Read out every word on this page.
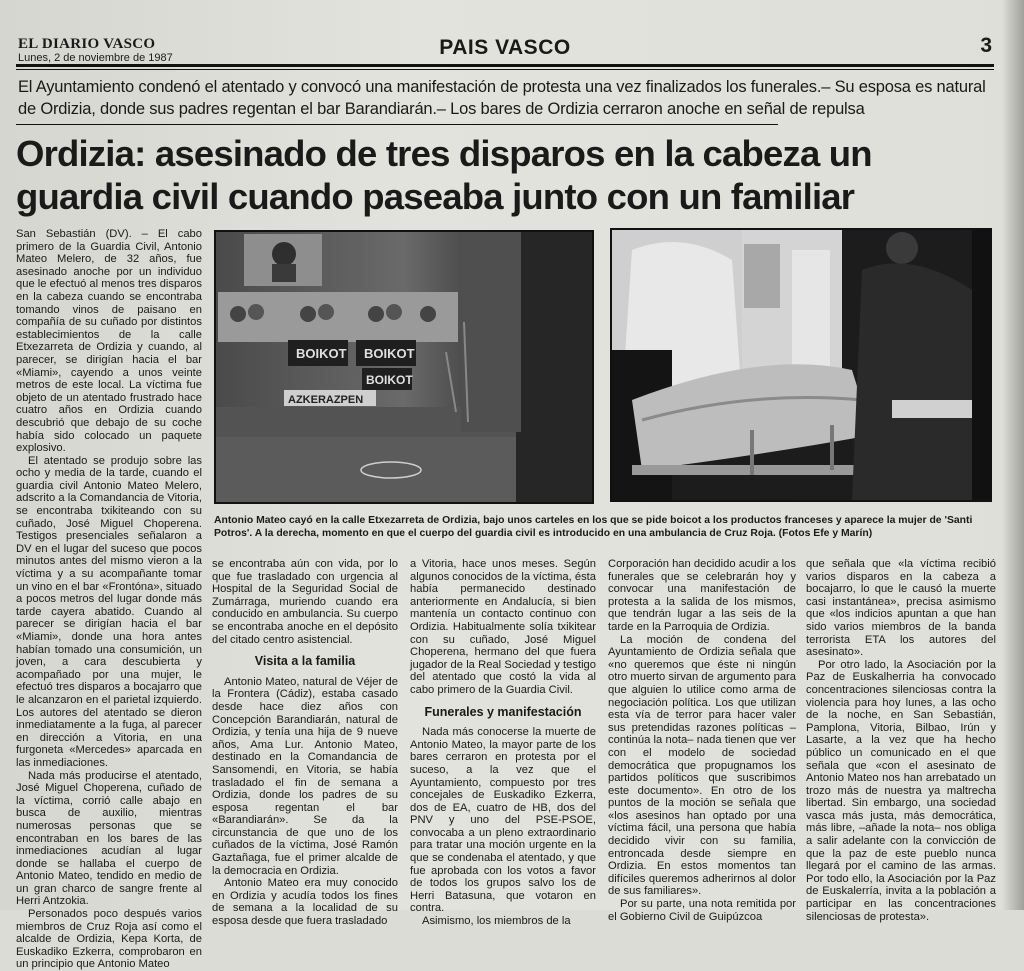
EL DIARIO VASCO
Lunes, 2 de noviembre de 1987	PAIS VASCO	3
El Ayuntamiento condenó el atentado y convocó una manifestación de protesta una vez finalizados los funerales.– Su esposa es natural de Ordizia, donde sus padres regentan el bar Barandiarán.– Los bares de Ordizia cerraron anoche en señal de repulsa
Ordizia: asesinado de tres disparos en la cabeza un guardia civil cuando paseaba junto con un familiar
BOIKOT BOIKOT
BOIKOT
AZKERAZPEN
Antonio Mateo cayó en la calle Etxezarreta de Ordizia, bajo unos carteles en los que se pide boicot a los productos franceses y aparece la mujer de 'Santi Potros'. A la derecha, momento en que el cuerpo del guardia civil es introducido en una ambulancia de Cruz Roja. (Fotos Efe y Marín)

San Sebastián (DV). – El cabo primero de la Guardia Civil, Antonio Mateo Melero, de 32 años, fue asesinado anoche por un individuo que le efectuó al menos tres disparos en la cabeza cuando se encontraba tomando vinos de paisano en compañía de su cuñado por distintos establecimientos de la calle Etxezarreta de Ordizia y cuando, al parecer, se dirigían hacia el bar «Miami», cayendo a unos veinte metros de este local. La víctima fue objeto de un atentado frustrado hace cuatro años en Ordizia cuando descubrió que debajo de su coche había sido colocado un paquete explosivo.

El atentado se produjo sobre las ocho y media de la tarde, cuando el guardia civil Antonio Mateo Melero, adscrito a la Comandancia de Vitoria, se encontraba txikiteando con su cuñado, José Miguel Choperena. Testigos presenciales señalaron a DV en el lugar del suceso que pocos minutos antes del mismo vieron a la víctima y a su acompañante tomar un vino en el bar «Frontóna», situado a pocos metros del lugar donde más tarde cayera abatido. Cuando al parecer se dirigían hacia el bar «Miami», donde una hora antes habían tomado una consumición, un joven, a cara descubierta y acompañado por una mujer, le efectuó tres disparos a bocajarro que le alcanzaron en el parietal izquierdo. Los autores del atentado se dieron inmediatamente a la fuga, al parecer en dirección a Vitoria, en una furgoneta «Mercedes» aparcada en las inmediaciones.

Nada más producirse el atentado, José Miguel Choperena, cuñado de la víctima, corrió calle abajo en busca de auxilio, mientras numerosas personas que se encontraban en los bares de las inmediaciones acudían al lugar donde se hallaba el cuerpo de Antonio Mateo, tendido en medio de un gran charco de sangre frente al Herri Antzokia.

Personados poco después varios miembros de Cruz Roja así como el alcalde de Ordizia, Kepa Korta, de Euskadiko Ezkerra, comprobaron en un principio que Antonio Mateo

se encontraba aún con vida, por lo que fue trasladado con urgencia al Hospital de la Seguridad Social de Zumárraga, muriendo cuando era conducido en ambulancia. Su cuerpo se encontraba anoche en el depósito del citado centro asistencial.

Visita a la familia

Antonio Mateo, natural de Véjer de la Frontera (Cádiz), estaba casado desde hace diez años con Concepción Barandiarán, natural de Ordizia, y tenía una hija de 9 nueve años, Ama Lur. Antonio Mateo, destinado en la Comandancia de Sansomendi, en Vitoria, se había trasladado el fin de semana a Ordizia, donde los padres de su esposa regentan el bar «Barandiarán». Se da la circunstancia de que uno de los cuñados de la víctima, José Ramón Gaztañaga, fue el primer alcalde de la democracia en Ordizia.

Antonio Mateo era muy conocido en Ordizia y acudía todos los fines de semana a la localidad de su esposa desde que fuera trasladado

a Vitoria, hace unos meses. Según algunos conocidos de la víctima, ésta había permanecido destinado anteriormente en Andalucía, si bien mantenía un contacto continuo con Ordizia. Habitualmente solía txikitear con su cuñado, José Miguel Choperena, hermano del que fuera jugador de la Real Sociedad y testigo del atentado que costó la vida al cabo primero de la Guardia Civil.

Funerales y manifestación

Nada más conocerse la muerte de Antonio Mateo, la mayor parte de los bares cerraron en protesta por el suceso, a la vez que el Ayuntamiento, compuesto por tres concejales de Euskadiko Ezkerra, dos de EA, cuatro de HB, dos del PNV y uno del PSE-PSOE, convocaba a un pleno extraordinario para tratar una moción urgente en la que se condenaba el atentado, y que fue aprobada con los votos a favor de todos los grupos salvo los de Herri Batasuna, que votaron en contra.

Asimismo, los miembros de la

Corporación han decidido acudir a los funerales que se celebrarán hoy y convocar una manifestación de protesta a la salida de los mismos, que tendrán lugar a las seis de la tarde en la Parroquia de Ordizia.

La moción de condena del Ayuntamiento de Ordizia señala que «no queremos que éste ni ningún otro muerto sirvan de argumento para que alguien lo utilice como arma de negociación política. Los que utilizan esta vía de terror para hacer valer sus pretendidas razones políticas –continúa la nota– nada tienen que ver con el modelo de sociedad democrática que propugnamos los partidos políticos que suscribimos este documento». En otro de los puntos de la moción se señala que «los asesinos han optado por una víctima fácil, una persona que había decidido vivir con su familia, entroncada desde siempre en Ordizia. En estos momentos tan difíciles queremos adherirnos al dolor de sus familiares».

Por su parte, una nota remitida por el Gobierno Civil de Guipúzcoa

que señala que «la víctima recibió varios disparos en la cabeza a bocajarro, lo que le causó la muerte casi instantánea», precisa asimismo que «los indicios apuntan a que han sido varios miembros de la banda terrorista ETA los autores del asesinato».

Por otro lado, la Asociación por la Paz de Euskalherria ha convocado concentraciones silenciosas contra la violencia para hoy lunes, a las ocho de la noche, en San Sebastián, Pamplona, Vitoria, Bilbao, Irún y Lasarte, a la vez que ha hecho público un comunicado en el que señala que «con el asesinato de Antonio Mateo nos han arrebatado un trozo más de nuestra ya maltrecha libertad. Sin embargo, una sociedad vasca más justa, más democrática, más libre, –añade la nota– nos obliga a salir adelante con la convicción de que la paz de este pueblo nunca llegará por el camino de las armas. Por todo ello, la Asociación por la Paz de Euskalerría, invita a la población a participar en las concentraciones silenciosas de protesta».
